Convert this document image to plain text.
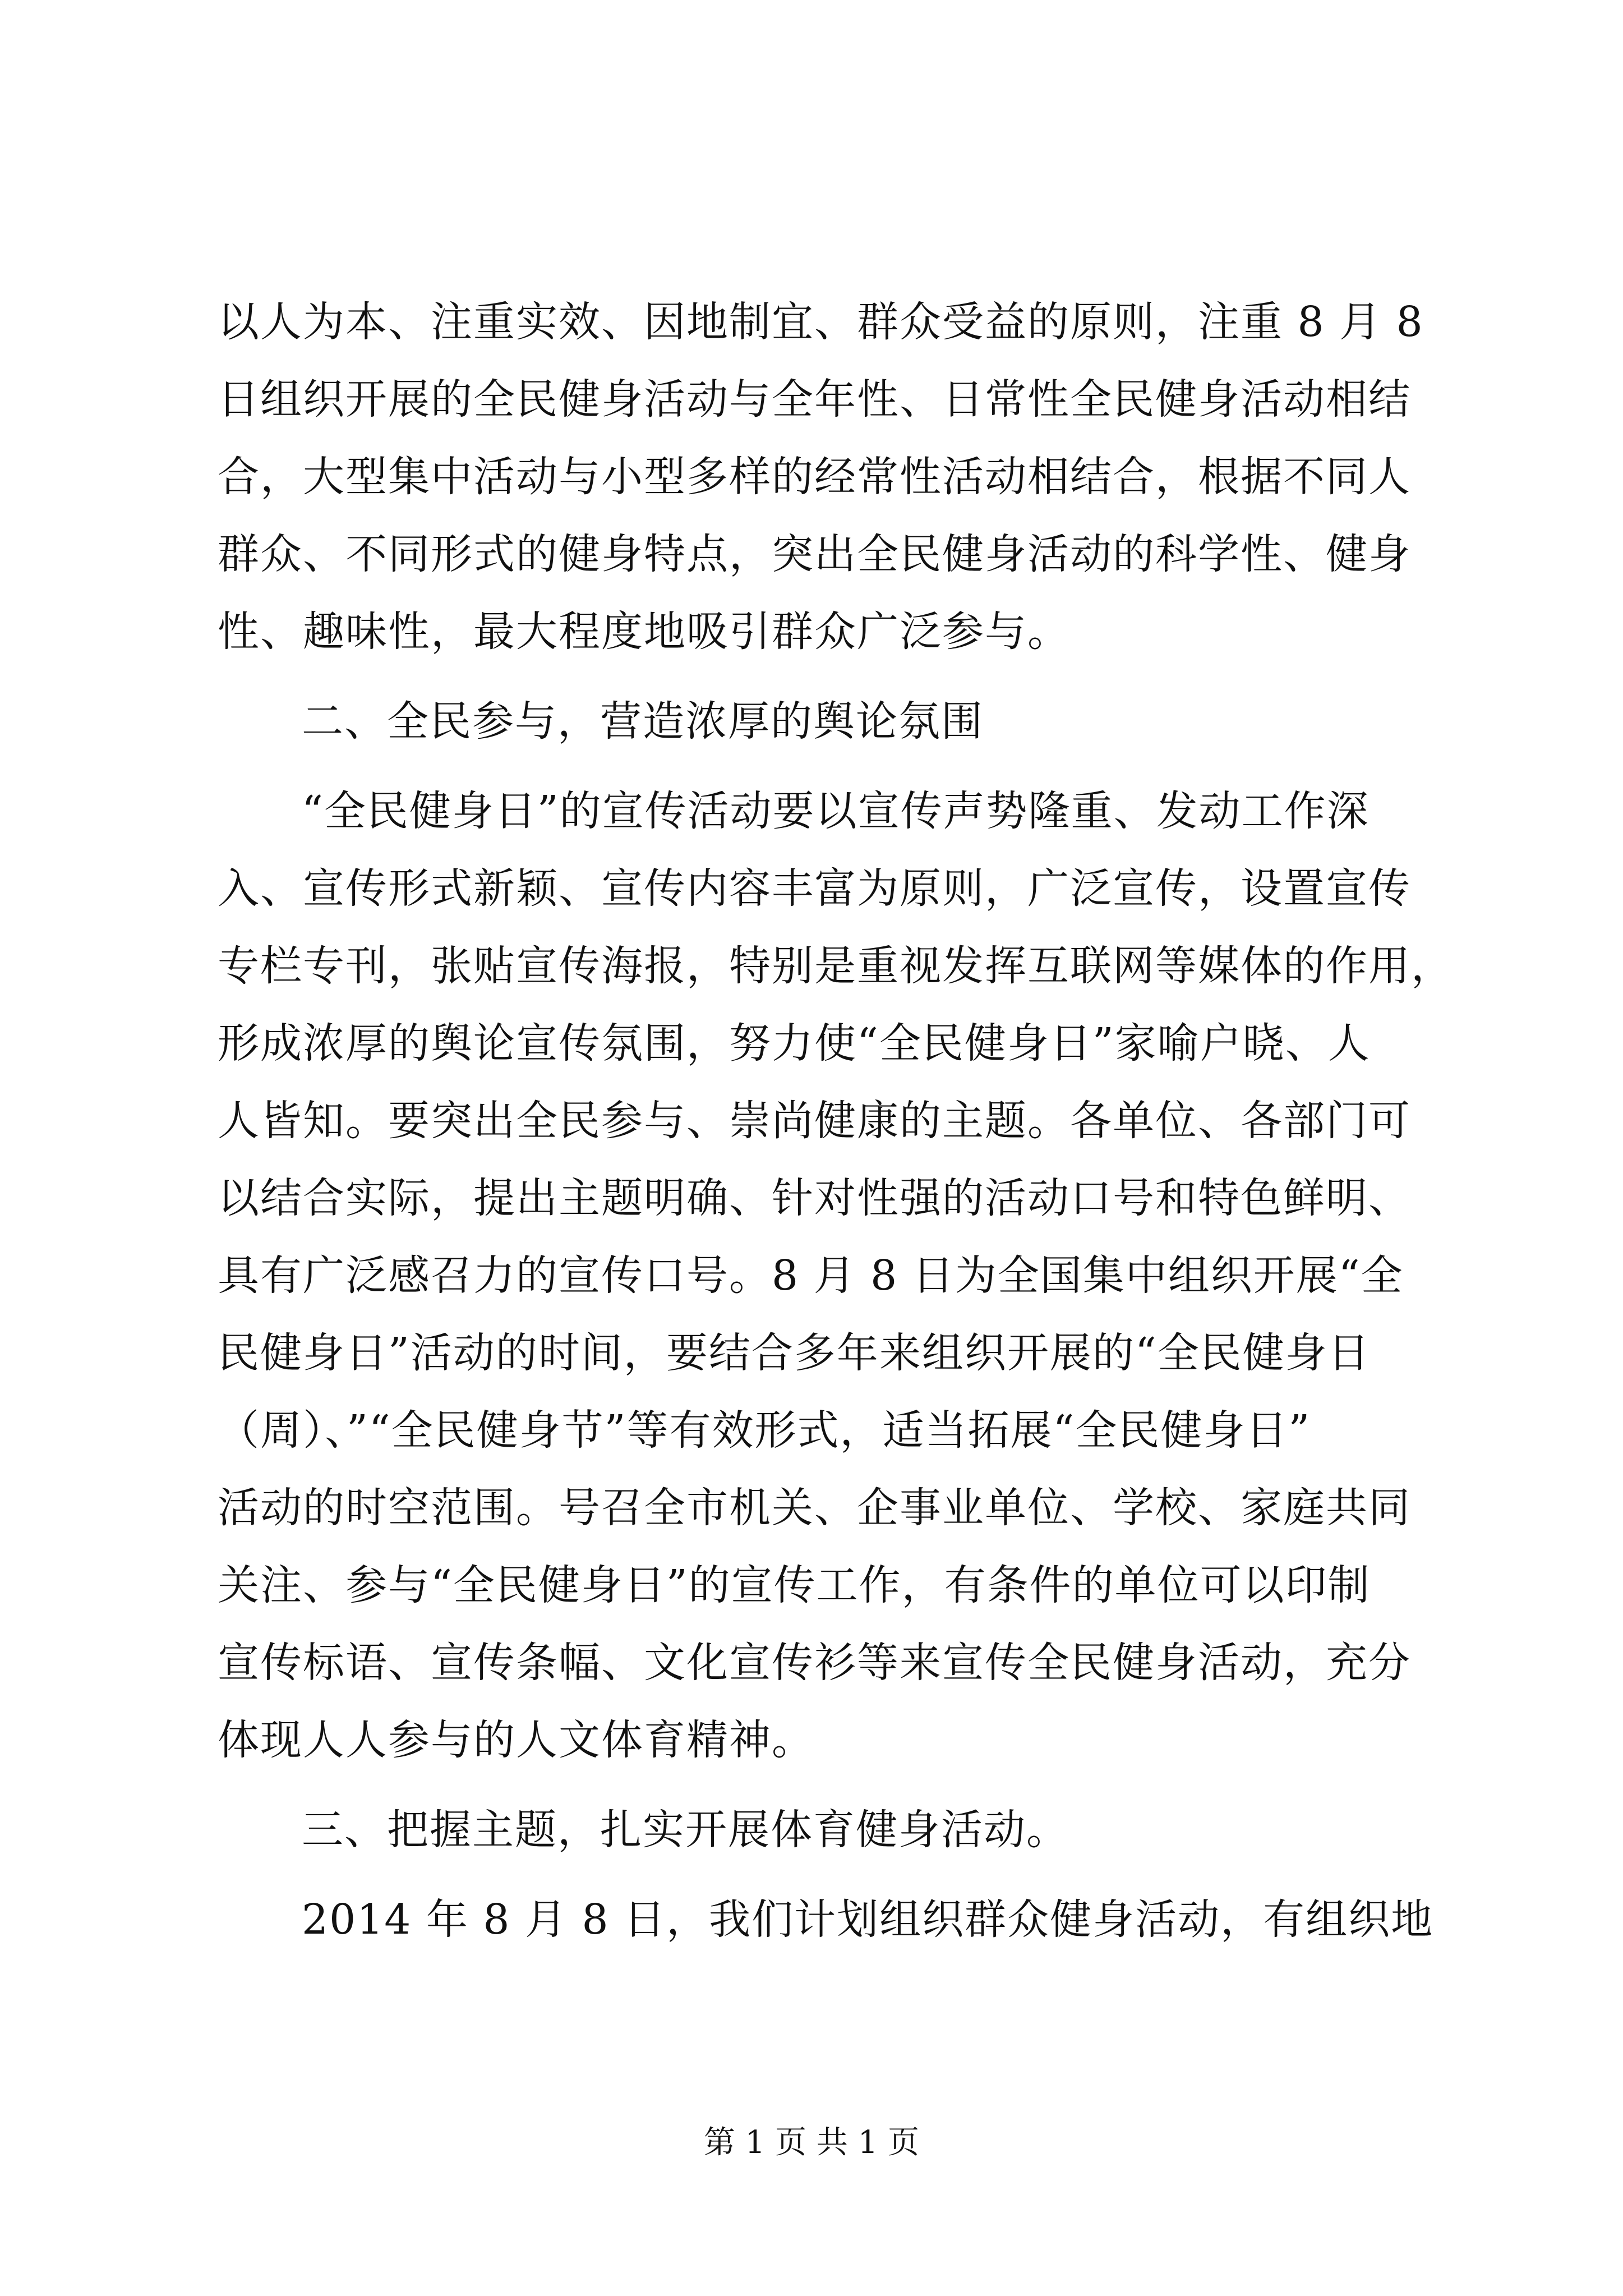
以人为本、注重实效、因地制宜、群众受益的原则，注重 8 月 8
日组织开展的全民健身活动与全年性、日常性全民健身活动相结
合，大型集中活动与小型多样的经常性活动相结合，根据不同人
群众、不同形式的健身特点，突出全民健身活动的科学性、健身
性、趣味性，最大程度地吸引群众广泛参与。
二、全民参与，营造浓厚的舆论氛围
“全民健身日”的宣传活动要以宣传声势隆重、发动工作深
入、宣传形式新颖、宣传内容丰富为原则，广泛宣传，设置宣传
专栏专刊，张贴宣传海报，特别是重视发挥互联网等媒体的作用，
形成浓厚的舆论宣传氛围，努力使“全民健身日”家喻户晓、人
人皆知。要突出全民参与、崇尚健康的主题。各单位、各部门可
以结合实际，提出主题明确、针对性强的活动口号和特色鲜明、
具有广泛感召力的宣传口号。8 月 8 日为全国集中组织开展“全
民健身日”活动的时间，要结合多年来组织开展的“全民健身日
（周）、”“全民健身节”等有效形式，适当拓展“全民健身日”
活动的时空范围。号召全市机关、企事业单位、学校、家庭共同
关注、参与“全民健身日”的宣传工作，有条件的单位可以印制
宣传标语、宣传条幅、文化宣传衫等来宣传全民健身活动，充分
体现人人参与的人文体育精神。
三、把握主题，扎实开展体育健身活动。
2014 年 8 月 8 日，我们计划组织群众健身活动，有组织地
第 1 页 共 1 页
